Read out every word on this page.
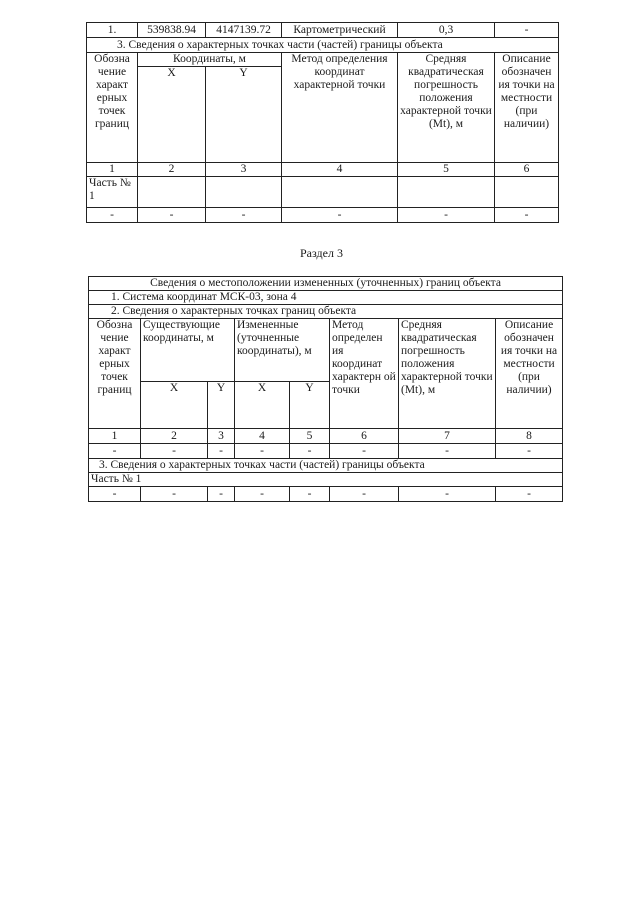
1.	539838.94	4147139.72	Картометрический	0,3	-
3. Сведения о характерных точках части (частей) границы объекта					
Обозна чение характ ерных точек границ	Координаты, м		Метод определения координат характерной точки	Средняя квадратическая погрешность положения характерной точки (Mt), м	Описание обозначен ия точки на местности (при наличии)
	X	Y			
1	2	3	4	5	6
Часть № 1					
-	-	-	-	-	-
Раздел 3
Сведения о местоположении измененных (уточненных) границ объекта							
1. Система координат МСК-03, зона 4							
2. Сведения о характерных точках границ объекта							
Обозна чение характ ерных точек границ	Существующие координаты, м		Измененные (уточненные координаты), м		Метод определен ия координат характерн ой точки	Средняя квадратическая погрешность положения характерной точки (Mt), м	Описание обозначен ия точки на местности (при наличии)
	X	Y	X	Y			
1	2	3	4	5	6	7	8
-	-	-	-	-	-	-	-
3. Сведения о характерных точках части (частей) границы объекта							
Часть № 1							
-	-	-	-	-	-	-	-
